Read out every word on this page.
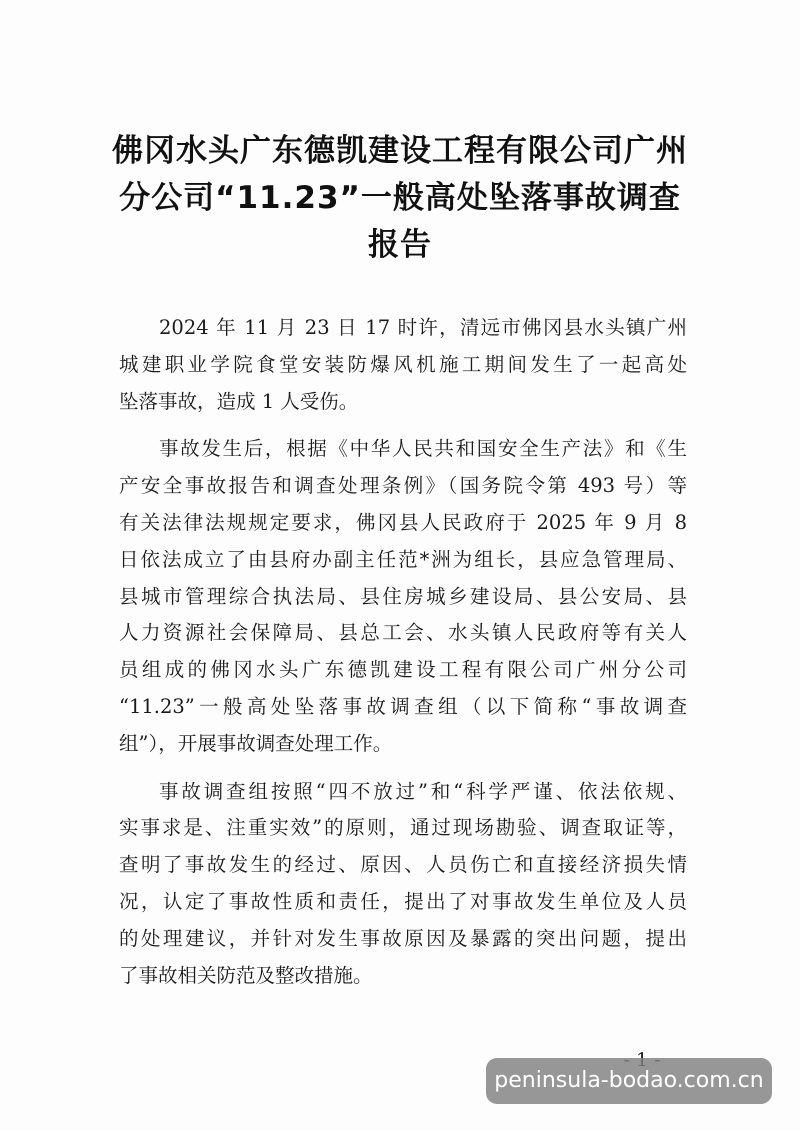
佛冈水头广东德凯建设工程有限公司广州
分公司“11.23”一般高处坠落事故调查
报告
2024 年 11 月 23 日 17 时许，清远市佛冈县水头镇广州
城建职业学院食堂安装防爆风机施工期间发生了一起高处
坠落事故，造成 1 人受伤。
事故发生后，根据《中华人民共和国安全生产法》和《生
产安全事故报告和调查处理条例》（国务院令第 493 号）等
有关法律法规规定要求，佛冈县人民政府于 2025 年 9 月 8
日依法成立了由县府办副主任范*洲为组长，县应急管理局、
县城市管理综合执法局、县住房城乡建设局、县公安局、县
人力资源社会保障局、县总工会、水头镇人民政府等有关人
员组成的佛冈水头广东德凯建设工程有限公司广州分公司
“11.23”一般高处坠落事故调查组（以下简称“事故调查
组”），开展事故调查处理工作。
事故调查组按照“四不放过”和“科学严谨、依法依规、
实事求是、注重实效”的原则，通过现场勘验、调查取证等，
查明了事故发生的经过、原因、人员伤亡和直接经济损失情
况，认定了事故性质和责任，提出了对事故发生单位及人员
的处理建议，并针对发生事故原因及暴露的突出问题，提出
了事故相关防范及整改措施。
peninsula-bodao.com.cn
